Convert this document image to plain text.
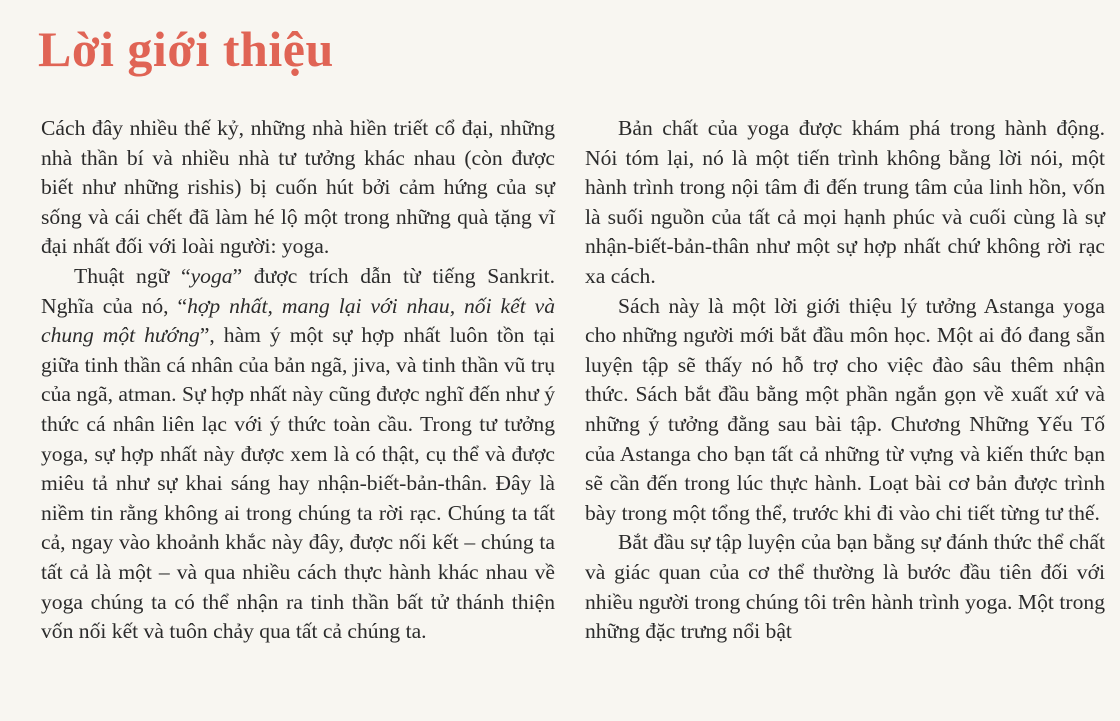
Lời giới thiệu

Cách đây nhiều thế kỷ, những nhà hiền triết cổ đại, những nhà thần bí và nhiều nhà tư tưởng khác nhau (còn được biết như những rishis) bị cuốn hút bởi cảm hứng của sự sống và cái chết đã làm hé lộ một trong những quà tặng vĩ đại nhất đối với loài người: yoga.

Thuật ngữ “yoga” được trích dẫn từ tiếng Sankrit. Nghĩa của nó, “hợp nhất, mang lại với nhau, nối kết và chung một hướng”, hàm ý một sự hợp nhất luôn tồn tại giữa tinh thần cá nhân của bản ngã, jiva, và tinh thần vũ trụ của ngã, atman. Sự hợp nhất này cũng được nghĩ đến như ý thức cá nhân liên lạc với ý thức toàn cầu. Trong tư tưởng yoga, sự hợp nhất này được xem là có thật, cụ thể và được miêu tả như sự khai sáng hay nhận-biết-bản-thân. Đây là niềm tin rằng không ai trong chúng ta rời rạc. Chúng ta tất cả, ngay vào khoảnh khắc này đây, được nối kết – chúng ta tất cả là một – và qua nhiều cách thực hành khác nhau về yoga chúng ta có thể nhận ra tinh thần bất tử thánh thiện vốn nối kết và tuôn chảy qua tất cả chúng ta.

Bản chất của yoga được khám phá trong hành động. Nói tóm lại, nó là một tiến trình không bằng lời nói, một hành trình trong nội tâm đi đến trung tâm của linh hồn, vốn là suối nguồn của tất cả mọi hạnh phúc và cuối cùng là sự nhận-biết-bản-thân như một sự hợp nhất chứ không rời rạc xa cách.

Sách này là một lời giới thiệu lý tưởng Astanga yoga cho những người mới bắt đầu môn học. Một ai đó đang sẵn luyện tập sẽ thấy nó hỗ trợ cho việc đào sâu thêm nhận thức. Sách bắt đầu bằng một phần ngắn gọn về xuất xứ và những ý tưởng đằng sau bài tập. Chương Những Yếu Tố của Astanga cho bạn tất cả những từ vựng và kiến thức bạn sẽ cần đến trong lúc thực hành. Loạt bài cơ bản được trình bày trong một tổng thể, trước khi đi vào chi tiết từng tư thế.

Bắt đầu sự tập luyện của bạn bằng sự đánh thức thể chất và giác quan của cơ thể thường là bước đầu tiên đối với nhiều người trong chúng tôi trên hành trình yoga. Một trong những đặc trưng nổi bật
